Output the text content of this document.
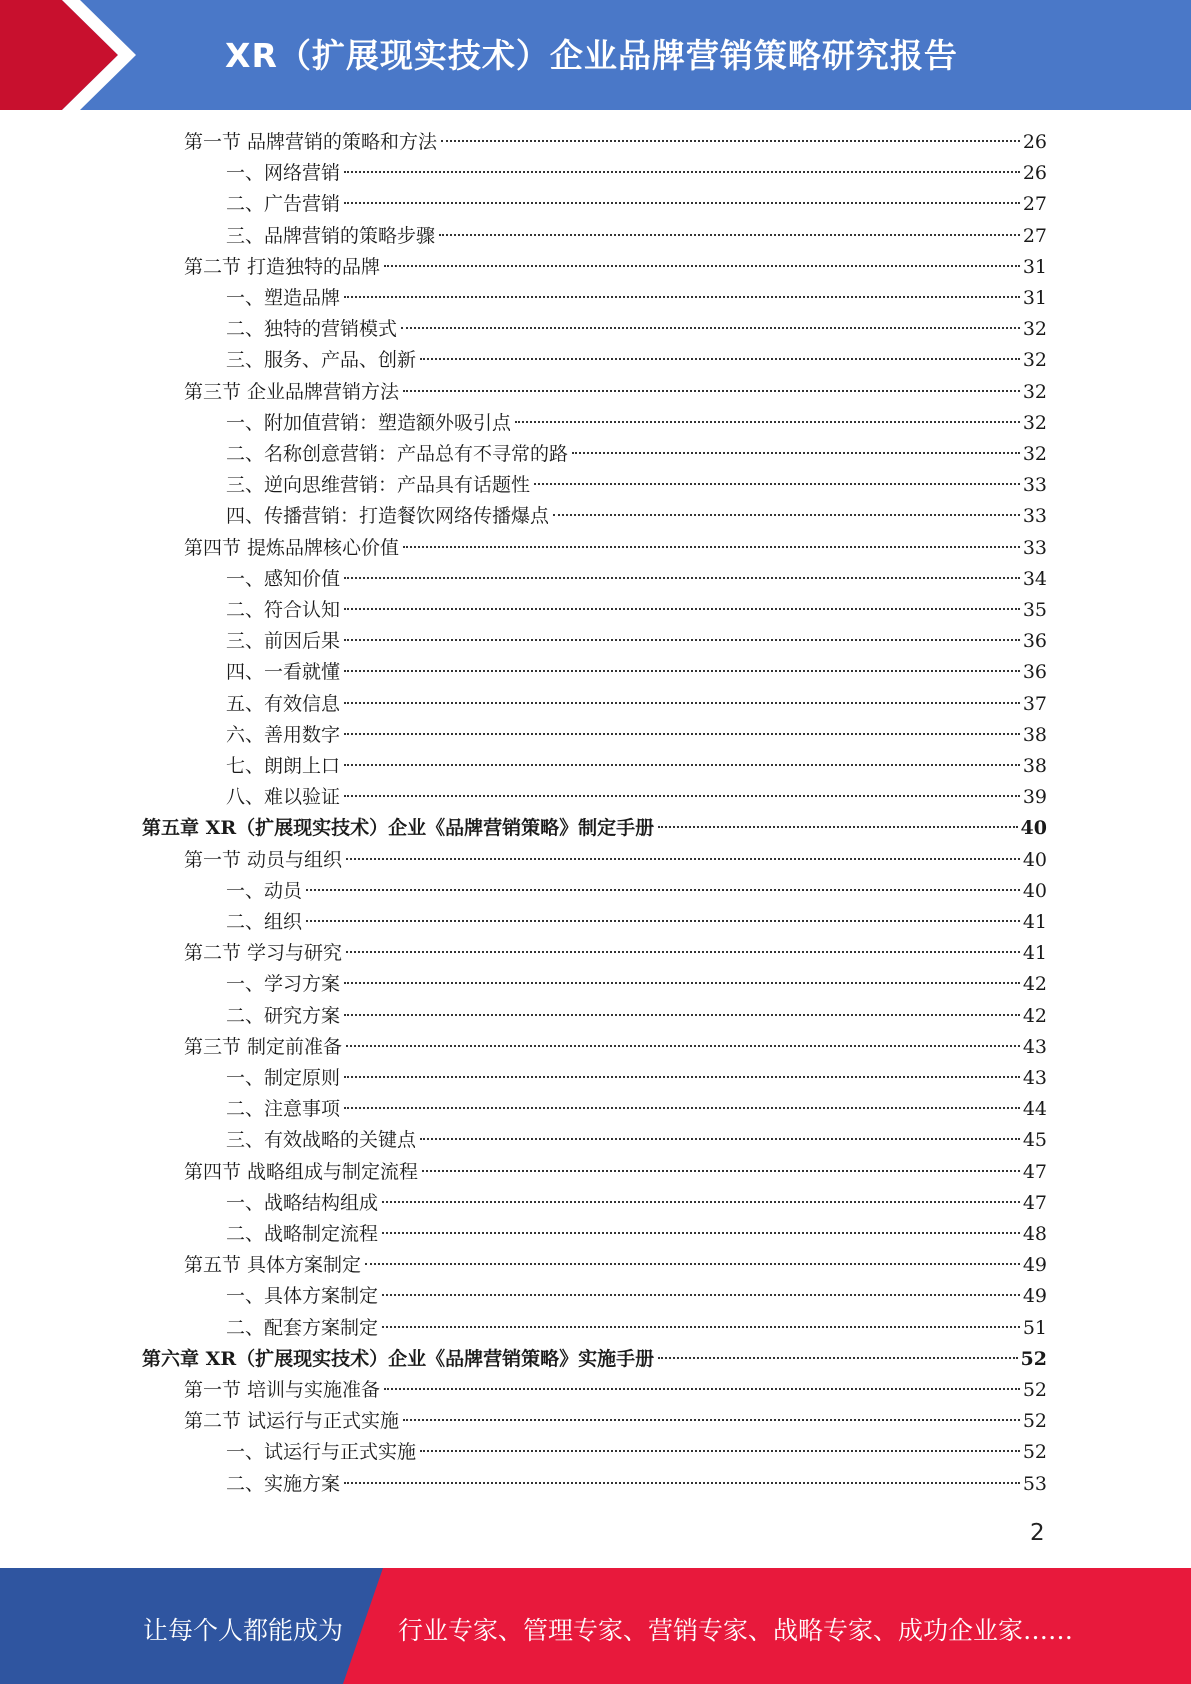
XR（扩展现实技术）企业品牌营销策略研究报告
第一节 品牌营销的策略和方法	26
一、网络营销	26
二、广告营销	27
三、品牌营销的策略步骤	27
第二节 打造独特的品牌	31
一、塑造品牌	31
二、独特的营销模式	32
三、服务、产品、创新	32
第三节 企业品牌营销方法	32
一、附加值营销：塑造额外吸引点	32
二、名称创意营销：产品总有不寻常的路	32
三、逆向思维营销：产品具有话题性	33
四、传播营销：打造餐饮网络传播爆点	33
第四节 提炼品牌核心价值	33
一、感知价值	34
二、符合认知	35
三、前因后果	36
四、一看就懂	36
五、有效信息	37
六、善用数字	38
七、朗朗上口	38
八、难以验证	39
第五章 XR（扩展现实技术）企业《品牌营销策略》制定手册	40
第一节 动员与组织	40
一、动员	40
二、组织	41
第二节 学习与研究	41
一、学习方案	42
二、研究方案	42
第三节 制定前准备	43
一、制定原则	43
二、注意事项	44
三、有效战略的关键点	45
第四节 战略组成与制定流程	47
一、战略结构组成	47
二、战略制定流程	48
第五节 具体方案制定	49
一、具体方案制定	49
二、配套方案制定	51
第六章 XR（扩展现实技术）企业《品牌营销策略》实施手册	52
第一节 培训与实施准备	52
第二节 试运行与正式实施	52
一、试运行与正式实施	52
二、实施方案	53
2
让每个人都能成为 行业专家、管理专家、营销专家、战略专家、成功企业家……
